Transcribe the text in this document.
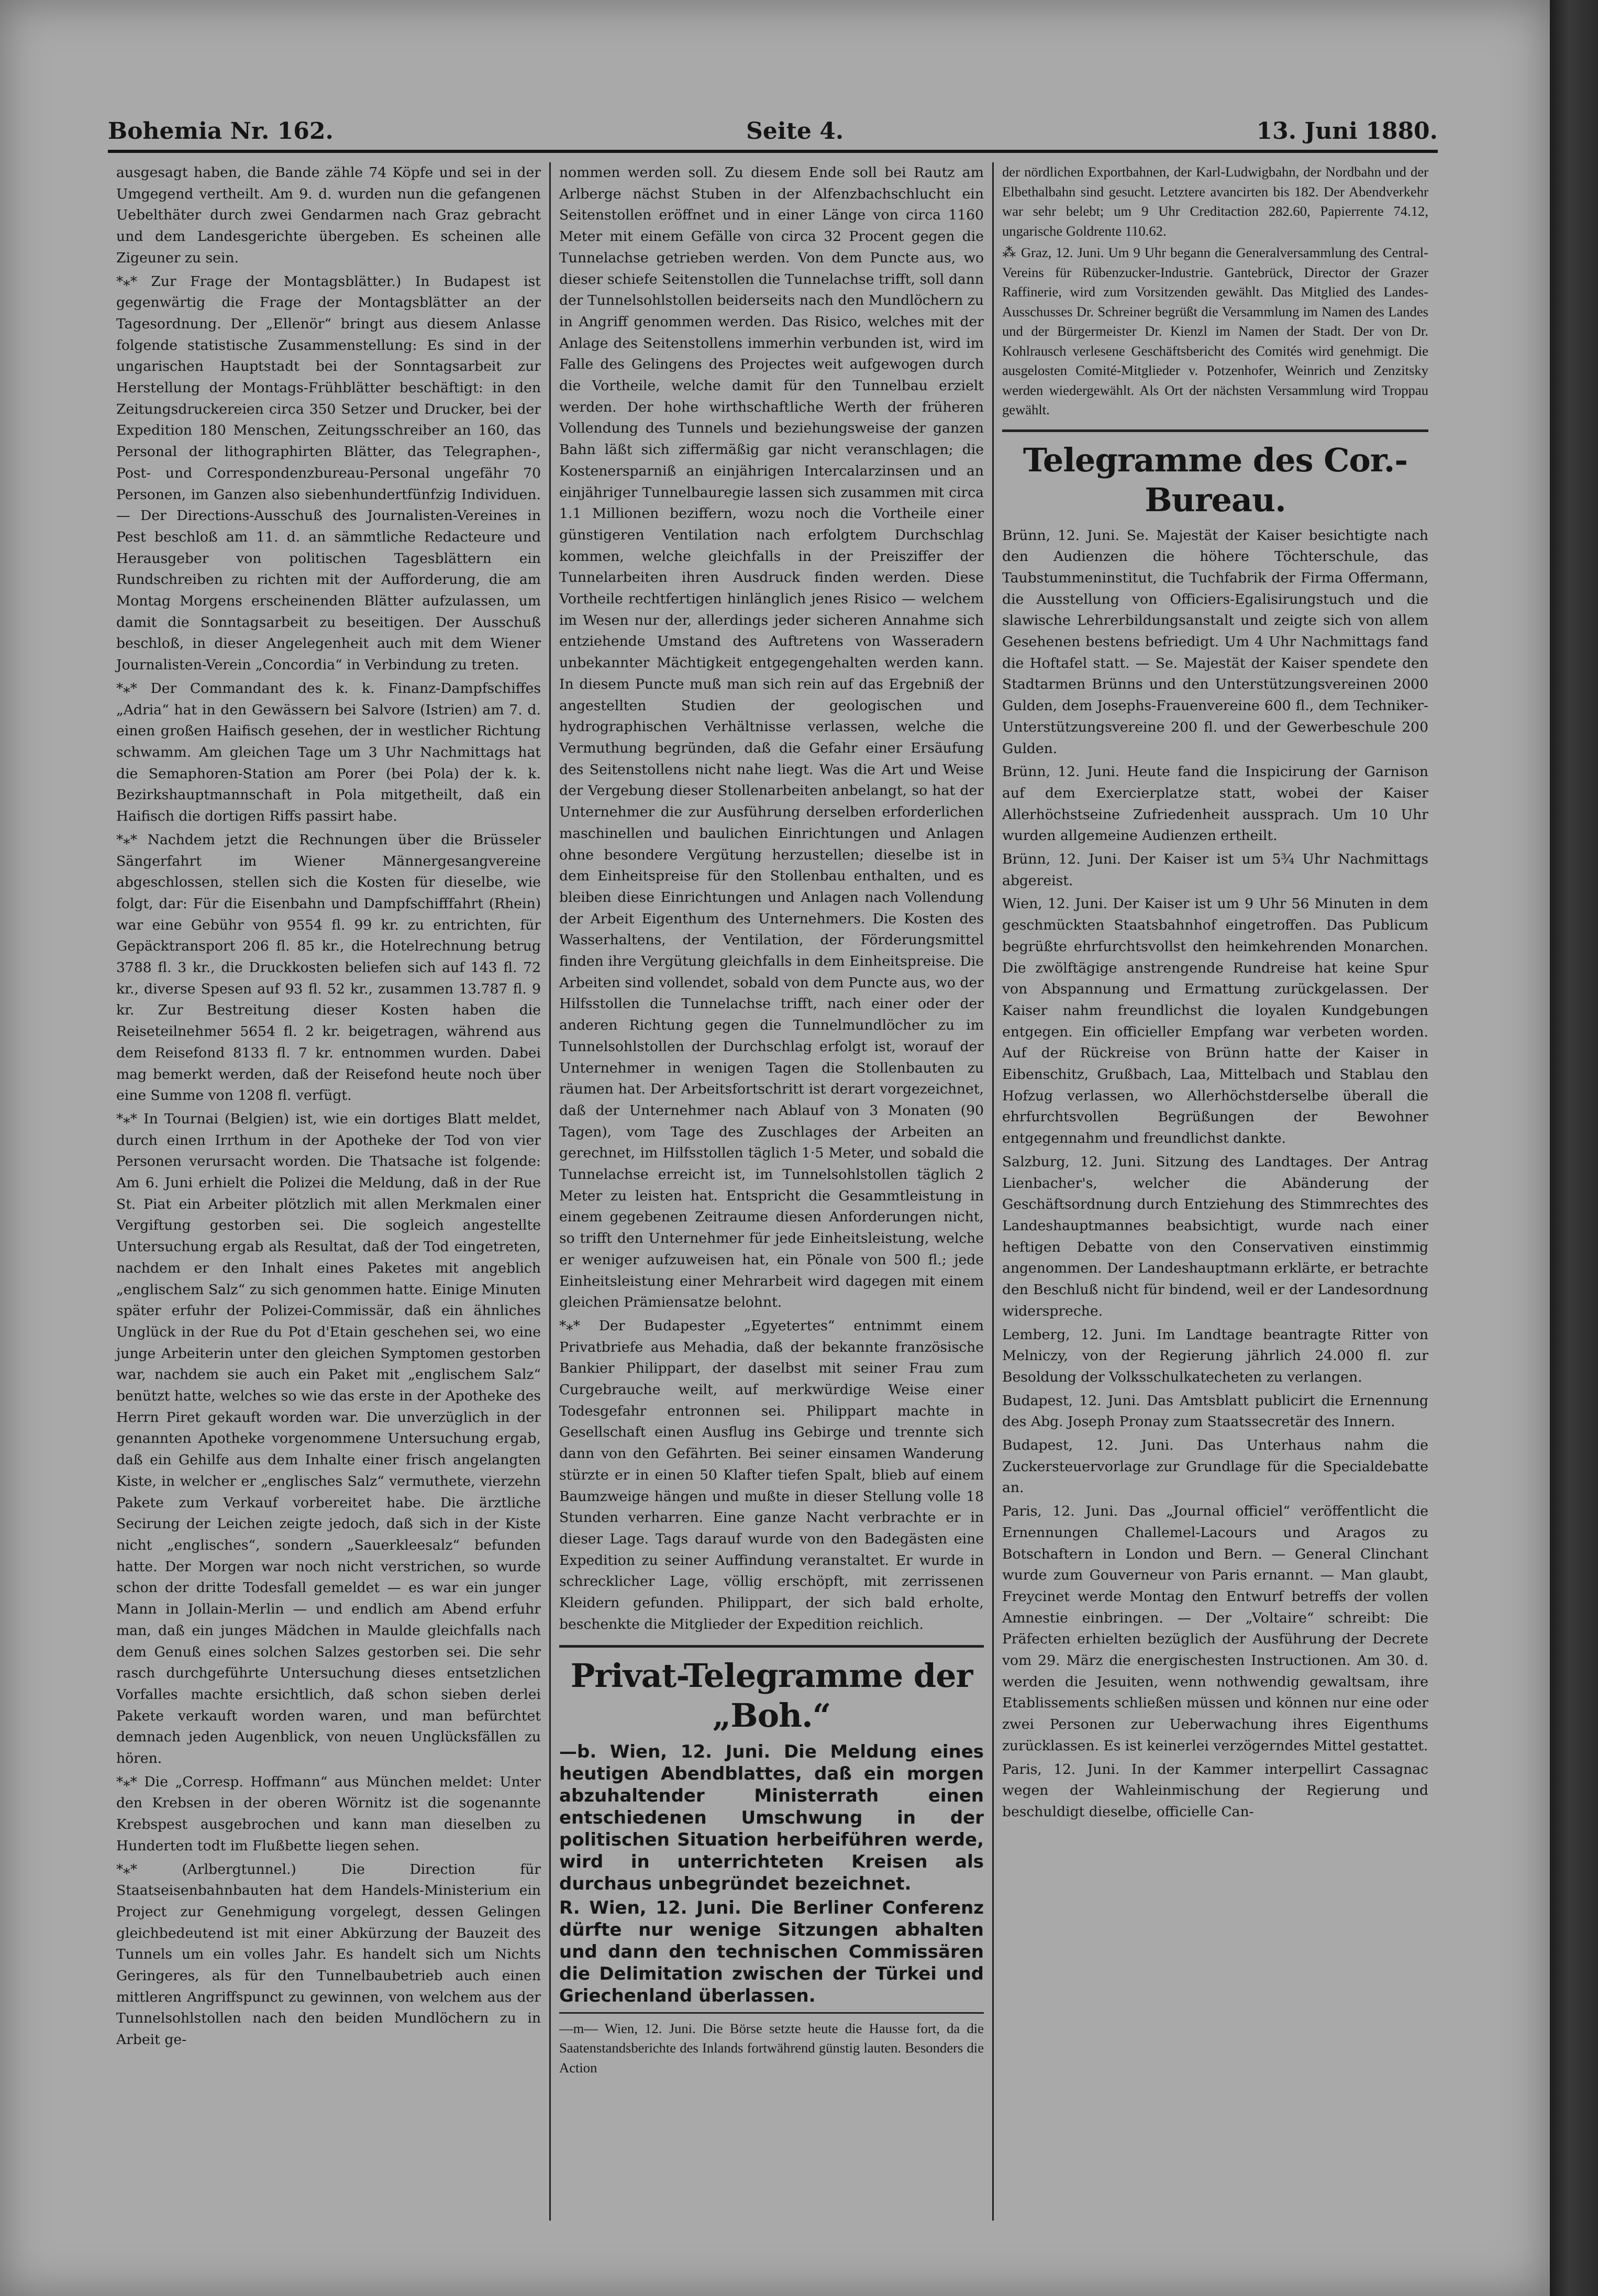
Bohemia Nr. 162.	Seite 4.	13. Juni 1880.

ausgesagt haben, die Bande zähle 74 Köpfe und sei in der Umgegend vertheilt. Am 9. d. wurden nun die gefangenen Uebelthäter durch zwei Gendarmen nach Graz gebracht und dem Landesgerichte übergeben. Es scheinen alle Zigeuner zu sein.

*⁎* Zur Frage der Montagsblätter.) In Budapest ist gegenwärtig die Frage der Montagsblätter an der Tagesordnung. Der „Ellenör“ bringt aus diesem Anlasse folgende statistische Zusammenstellung: Es sind in der ungarischen Hauptstadt bei der Sonntagsarbeit zur Herstellung der Montags-Frühblätter beschäftigt: in den Zeitungsdruckereien circa 350 Setzer und Drucker, bei der Expedition 180 Menschen, Zeitungsschreiber an 160, das Personal der lithographirten Blätter, das Telegraphen-, Post- und Correspondenzbureau-Personal ungefähr 70 Personen, im Ganzen also siebenhundertfünfzig Individuen. — Der Directions-Ausschuß des Journalisten-Vereines in Pest beschloß am 11. d. an sämmtliche Redacteure und Herausgeber von politischen Tagesblättern ein Rundschreiben zu richten mit der Aufforderung, die am Montag Morgens erscheinenden Blätter aufzulassen, um damit die Sonntagsarbeit zu beseitigen. Der Ausschuß beschloß, in dieser Angelegenheit auch mit dem Wiener Journalisten-Verein „Concordia“ in Verbindung zu treten.

*⁎* Der Commandant des k. k. Finanz-Dampfschiffes „Adria“ hat in den Gewässern bei Salvore (Istrien) am 7. d. einen großen Haifisch gesehen, der in westlicher Richtung schwamm. Am gleichen Tage um 3 Uhr Nachmittags hat die Semaphoren-Station am Porer (bei Pola) der k. k. Bezirkshauptmannschaft in Pola mitgetheilt, daß ein Haifisch die dortigen Riffs passirt habe.

*⁎* Nachdem jetzt die Rechnungen über die Brüsseler Sängerfahrt im Wiener Männergesangvereine abgeschlossen, stellen sich die Kosten für dieselbe, wie folgt, dar: Für die Eisenbahn und Dampfschifffahrt (Rhein) war eine Gebühr von 9554 fl. 99 kr. zu entrichten, für Gepäcktransport 206 fl. 85 kr., die Hotelrechnung betrug 3788 fl. 3 kr., die Druckkosten beliefen sich auf 143 fl. 72 kr., diverse Spesen auf 93 fl. 52 kr., zusammen 13.787 fl. 9 kr. Zur Bestreitung dieser Kosten haben die Reiseteilnehmer 5654 fl. 2 kr. beigetragen, während aus dem Reisefond 8133 fl. 7 kr. entnommen wurden. Dabei mag bemerkt werden, daß der Reisefond heute noch über eine Summe von 1208 fl. verfügt.

*⁎* In Tournai (Belgien) ist, wie ein dortiges Blatt meldet, durch einen Irrthum in der Apotheke der Tod von vier Personen verursacht worden. Die Thatsache ist folgende: Am 6. Juni erhielt die Polizei die Meldung, daß in der Rue St. Piat ein Arbeiter plötzlich mit allen Merkmalen einer Vergiftung gestorben sei. Die sogleich angestellte Untersuchung ergab als Resultat, daß der Tod eingetreten, nachdem er den Inhalt eines Paketes mit angeblich „englischem Salz“ zu sich genommen hatte. Einige Minuten später erfuhr der Polizei-Commissär, daß ein ähnliches Unglück in der Rue du Pot d'Etain geschehen sei, wo eine junge Arbeiterin unter den gleichen Symptomen gestorben war, nachdem sie auch ein Paket mit „englischem Salz“ benützt hatte, welches so wie das erste in der Apotheke des Herrn Piret gekauft worden war. Die unverzüglich in der genannten Apotheke vorgenommene Untersuchung ergab, daß ein Gehilfe aus dem Inhalte einer frisch angelangten Kiste, in welcher er „englisches Salz“ vermuthete, vierzehn Pakete zum Verkauf vorbereitet habe. Die ärztliche Secirung der Leichen zeigte jedoch, daß sich in der Kiste nicht „englisches“, sondern „Sauerkleesalz“ befunden hatte. Der Morgen war noch nicht verstrichen, so wurde schon der dritte Todesfall gemeldet — es war ein junger Mann in Jollain-Merlin — und endlich am Abend erfuhr man, daß ein junges Mädchen in Maulde gleichfalls nach dem Genuß eines solchen Salzes gestorben sei. Die sehr rasch durchgeführte Untersuchung dieses entsetzlichen Vorfalles machte ersichtlich, daß schon sieben derlei Pakete verkauft worden waren, und man befürchtet demnach jeden Augenblick, von neuen Unglücksfällen zu hören.

*⁎* Die „Corresp. Hoffmann“ aus München meldet: Unter den Krebsen in der oberen Wörnitz ist die sogenannte Krebspest ausgebrochen und kann man dieselben zu Hunderten todt im Flußbette liegen sehen.

*⁎* (Arlbergtunnel.) Die Direction für Staatseisenbahnbauten hat dem Handels-Ministerium ein Project zur Genehmigung vorgelegt, dessen Gelingen gleichbedeutend ist mit einer Abkürzung der Bauzeit des Tunnels um ein volles Jahr. Es handelt sich um Nichts Geringeres, als für den Tunnelbaubetrieb auch einen mittleren Angriffspunct zu gewinnen, von welchem aus der Tunnelsohlstollen nach den beiden Mundlöchern zu in Arbeit ge-

nommen werden soll. Zu diesem Ende soll bei Rautz am Arlberge nächst Stuben in der Alfenzbachschlucht ein Seitenstollen eröffnet und in einer Länge von circa 1160 Meter mit einem Gefälle von circa 32 Procent gegen die Tunnelachse getrieben werden. Von dem Puncte aus, wo dieser schiefe Seitenstollen die Tunnelachse trifft, soll dann der Tunnelsohlstollen beiderseits nach den Mundlöchern zu in Angriff genommen werden. Das Risico, welches mit der Anlage des Seitenstollens immerhin verbunden ist, wird im Falle des Gelingens des Projectes weit aufgewogen durch die Vortheile, welche damit für den Tunnelbau erzielt werden. Der hohe wirthschaftliche Werth der früheren Vollendung des Tunnels und beziehungsweise der ganzen Bahn läßt sich ziffermäßig gar nicht veranschlagen; die Kostenersparniß an einjährigen Intercalarzinsen und an einjähriger Tunnelbauregie lassen sich zusammen mit circa 1.1 Millionen beziffern, wozu noch die Vortheile einer günstigeren Ventilation nach erfolgtem Durchschlag kommen, welche gleichfalls in der Preisziffer der Tunnelarbeiten ihren Ausdruck finden werden. Diese Vortheile rechtfertigen hinlänglich jenes Risico — welchem im Wesen nur der, allerdings jeder sicheren Annahme sich entziehende Umstand des Auftretens von Wasseradern unbekannter Mächtigkeit entgegengehalten werden kann. In diesem Puncte muß man sich rein auf das Ergebniß der angestellten Studien der geologischen und hydrographischen Verhältnisse verlassen, welche die Vermuthung begründen, daß die Gefahr einer Ersäufung des Seitenstollens nicht nahe liegt. Was die Art und Weise der Vergebung dieser Stollenarbeiten anbelangt, so hat der Unternehmer die zur Ausführung derselben erforderlichen maschinellen und baulichen Einrichtungen und Anlagen ohne besondere Vergütung herzustellen; dieselbe ist in dem Einheitspreise für den Stollenbau enthalten, und es bleiben diese Einrichtungen und Anlagen nach Vollendung der Arbeit Eigenthum des Unternehmers. Die Kosten des Wasserhaltens, der Ventilation, der Förderungsmittel finden ihre Vergütung gleichfalls in dem Einheitspreise. Die Arbeiten sind vollendet, sobald von dem Puncte aus, wo der Hilfsstollen die Tunnelachse trifft, nach einer oder der anderen Richtung gegen die Tunnelmundlöcher zu im Tunnelsohlstollen der Durchschlag erfolgt ist, worauf der Unternehmer in wenigen Tagen die Stollenbauten zu räumen hat. Der Arbeitsfortschritt ist derart vorgezeichnet, daß der Unternehmer nach Ablauf von 3 Monaten (90 Tagen), vom Tage des Zuschlages der Arbeiten an gerechnet, im Hilfsstollen täglich 1·5 Meter, und sobald die Tunnelachse erreicht ist, im Tunnelsohlstollen täglich 2 Meter zu leisten hat. Entspricht die Gesammtleistung in einem gegebenen Zeitraume diesen Anforderungen nicht, so trifft den Unternehmer für jede Einheitsleistung, welche er weniger aufzuweisen hat, ein Pönale von 500 fl.; jede Einheitsleistung einer Mehrarbeit wird dagegen mit einem gleichen Prämiensatze belohnt.

*⁎* Der Budapester „Egyetertes“ entnimmt einem Privatbriefe aus Mehadia, daß der bekannte französische Bankier Philippart, der daselbst mit seiner Frau zum Curgebrauche weilt, auf merkwürdige Weise einer Todesgefahr entronnen sei. Philippart machte in Gesellschaft einen Ausflug ins Gebirge und trennte sich dann von den Gefährten. Bei seiner einsamen Wanderung stürzte er in einen 50 Klafter tiefen Spalt, blieb auf einem Baumzweige hängen und mußte in dieser Stellung volle 18 Stunden verharren. Eine ganze Nacht verbrachte er in dieser Lage. Tags darauf wurde von den Badegästen eine Expedition zu seiner Auffindung veranstaltet. Er wurde in schrecklicher Lage, völlig erschöpft, mit zerrissenen Kleidern gefunden. Philippart, der sich bald erholte, beschenkte die Mitglieder der Expedition reichlich.

Privat-Telegramme der „Boh.“

—b. Wien, 12. Juni. Die Meldung eines heutigen Abendblattes, daß ein morgen abzuhaltender Ministerrath einen entschiedenen Umschwung in der politischen Situation herbeiführen werde, wird in unterrichteten Kreisen als durchaus unbegründet bezeichnet.

R. Wien, 12. Juni. Die Berliner Conferenz dürfte nur wenige Sitzungen abhalten und dann den technischen Commissären die Delimitation zwischen der Türkei und Griechenland überlassen.

—m— Wien, 12. Juni. Die Börse setzte heute die Hausse fort, da die Saatenstandsberichte des Inlands fortwährend günstig lauten. Besonders die Action

der nördlichen Exportbahnen, der Karl-Ludwigbahn, der Nordbahn und der Elbethalbahn sind gesucht. Letztere avancirten bis 182. Der Abendverkehr war sehr belebt; um 9 Uhr Creditaction 282.60, Papierrente 74.12, ungarische Goldrente 110.62.

⁂ Graz, 12. Juni. Um 9 Uhr begann die Generalversammlung des Central-Vereins für Rübenzucker-Industrie. Gantebrück, Director der Grazer Raffinerie, wird zum Vorsitzenden gewählt. Das Mitglied des Landes-Ausschusses Dr. Schreiner begrüßt die Versammlung im Namen des Landes und der Bürgermeister Dr. Kienzl im Namen der Stadt. Der von Dr. Kohlrausch verlesene Geschäftsbericht des Comités wird genehmigt. Die ausgelosten Comité-Mitglieder v. Potzenhofer, Weinrich und Zenzitsky werden wiedergewählt. Als Ort der nächsten Versammlung wird Troppau gewählt.

Telegramme des Cor.-Bureau.

Brünn, 12. Juni. Se. Majestät der Kaiser besichtigte nach den Audienzen die höhere Töchterschule, das Taubstummeninstitut, die Tuchfabrik der Firma Offermann, die Ausstellung von Officiers-Egalisirungstuch und die slawische Lehrerbildungsanstalt und zeigte sich von allem Gesehenen bestens befriedigt. Um 4 Uhr Nachmittags fand die Hoftafel statt. — Se. Majestät der Kaiser spendete den Stadtarmen Brünns und den Unterstützungsvereinen 2000 Gulden, dem Josephs-Frauenvereine 600 fl., dem Techniker-Unterstützungsvereine 200 fl. und der Gewerbeschule 200 Gulden.

Brünn, 12. Juni. Heute fand die Inspicirung der Garnison auf dem Exercierplatze statt, wobei der Kaiser Allerhöchstseine Zufriedenheit aussprach. Um 10 Uhr wurden allgemeine Audienzen ertheilt.

Brünn, 12. Juni. Der Kaiser ist um 5¾ Uhr Nachmittags abgereist.

Wien, 12. Juni. Der Kaiser ist um 9 Uhr 56 Minuten in dem geschmückten Staatsbahnhof eingetroffen. Das Publicum begrüßte ehrfurchtsvollst den heimkehrenden Monarchen. Die zwölftägige anstrengende Rundreise hat keine Spur von Abspannung und Ermattung zurückgelassen. Der Kaiser nahm freundlichst die loyalen Kundgebungen entgegen. Ein officieller Empfang war verbeten worden. Auf der Rückreise von Brünn hatte der Kaiser in Eibenschitz, Grußbach, Laa, Mittelbach und Stablau den Hofzug verlassen, wo Allerhöchstderselbe überall die ehrfurchtsvollen Begrüßungen der Bewohner entgegennahm und freundlichst dankte.

Salzburg, 12. Juni. Sitzung des Landtages. Der Antrag Lienbacher's, welcher die Abänderung der Geschäftsordnung durch Entziehung des Stimmrechtes des Landeshauptmannes beabsichtigt, wurde nach einer heftigen Debatte von den Conservativen einstimmig angenommen. Der Landeshauptmann erklärte, er betrachte den Beschluß nicht für bindend, weil er der Landesordnung widerspreche.

Lemberg, 12. Juni. Im Landtage beantragte Ritter von Melniczy, von der Regierung jährlich 24.000 fl. zur Besoldung der Volksschulkatecheten zu verlangen.

Budapest, 12. Juni. Das Amtsblatt publicirt die Ernennung des Abg. Joseph Pronay zum Staatssecretär des Innern.

Budapest, 12. Juni. Das Unterhaus nahm die Zuckersteuervorlage zur Grundlage für die Specialdebatte an.

Paris, 12. Juni. Das „Journal officiel“ veröffentlicht die Ernennungen Challemel-Lacours und Aragos zu Botschaftern in London und Bern. — General Clinchant wurde zum Gouverneur von Paris ernannt. — Man glaubt, Freycinet werde Montag den Entwurf betreffs der vollen Amnestie einbringen. — Der „Voltaire“ schreibt: Die Präfecten erhielten bezüglich der Ausführung der Decrete vom 29. März die energischesten Instructionen. Am 30. d. werden die Jesuiten, wenn nothwendig gewaltsam, ihre Etablissements schließen müssen und können nur eine oder zwei Personen zur Ueberwachung ihres Eigenthums zurücklassen. Es ist keinerlei verzögerndes Mittel gestattet.

Paris, 12. Juni. In der Kammer interpellirt Cassagnac wegen der Wahleinmischung der Regierung und beschuldigt dieselbe, officielle Can-
